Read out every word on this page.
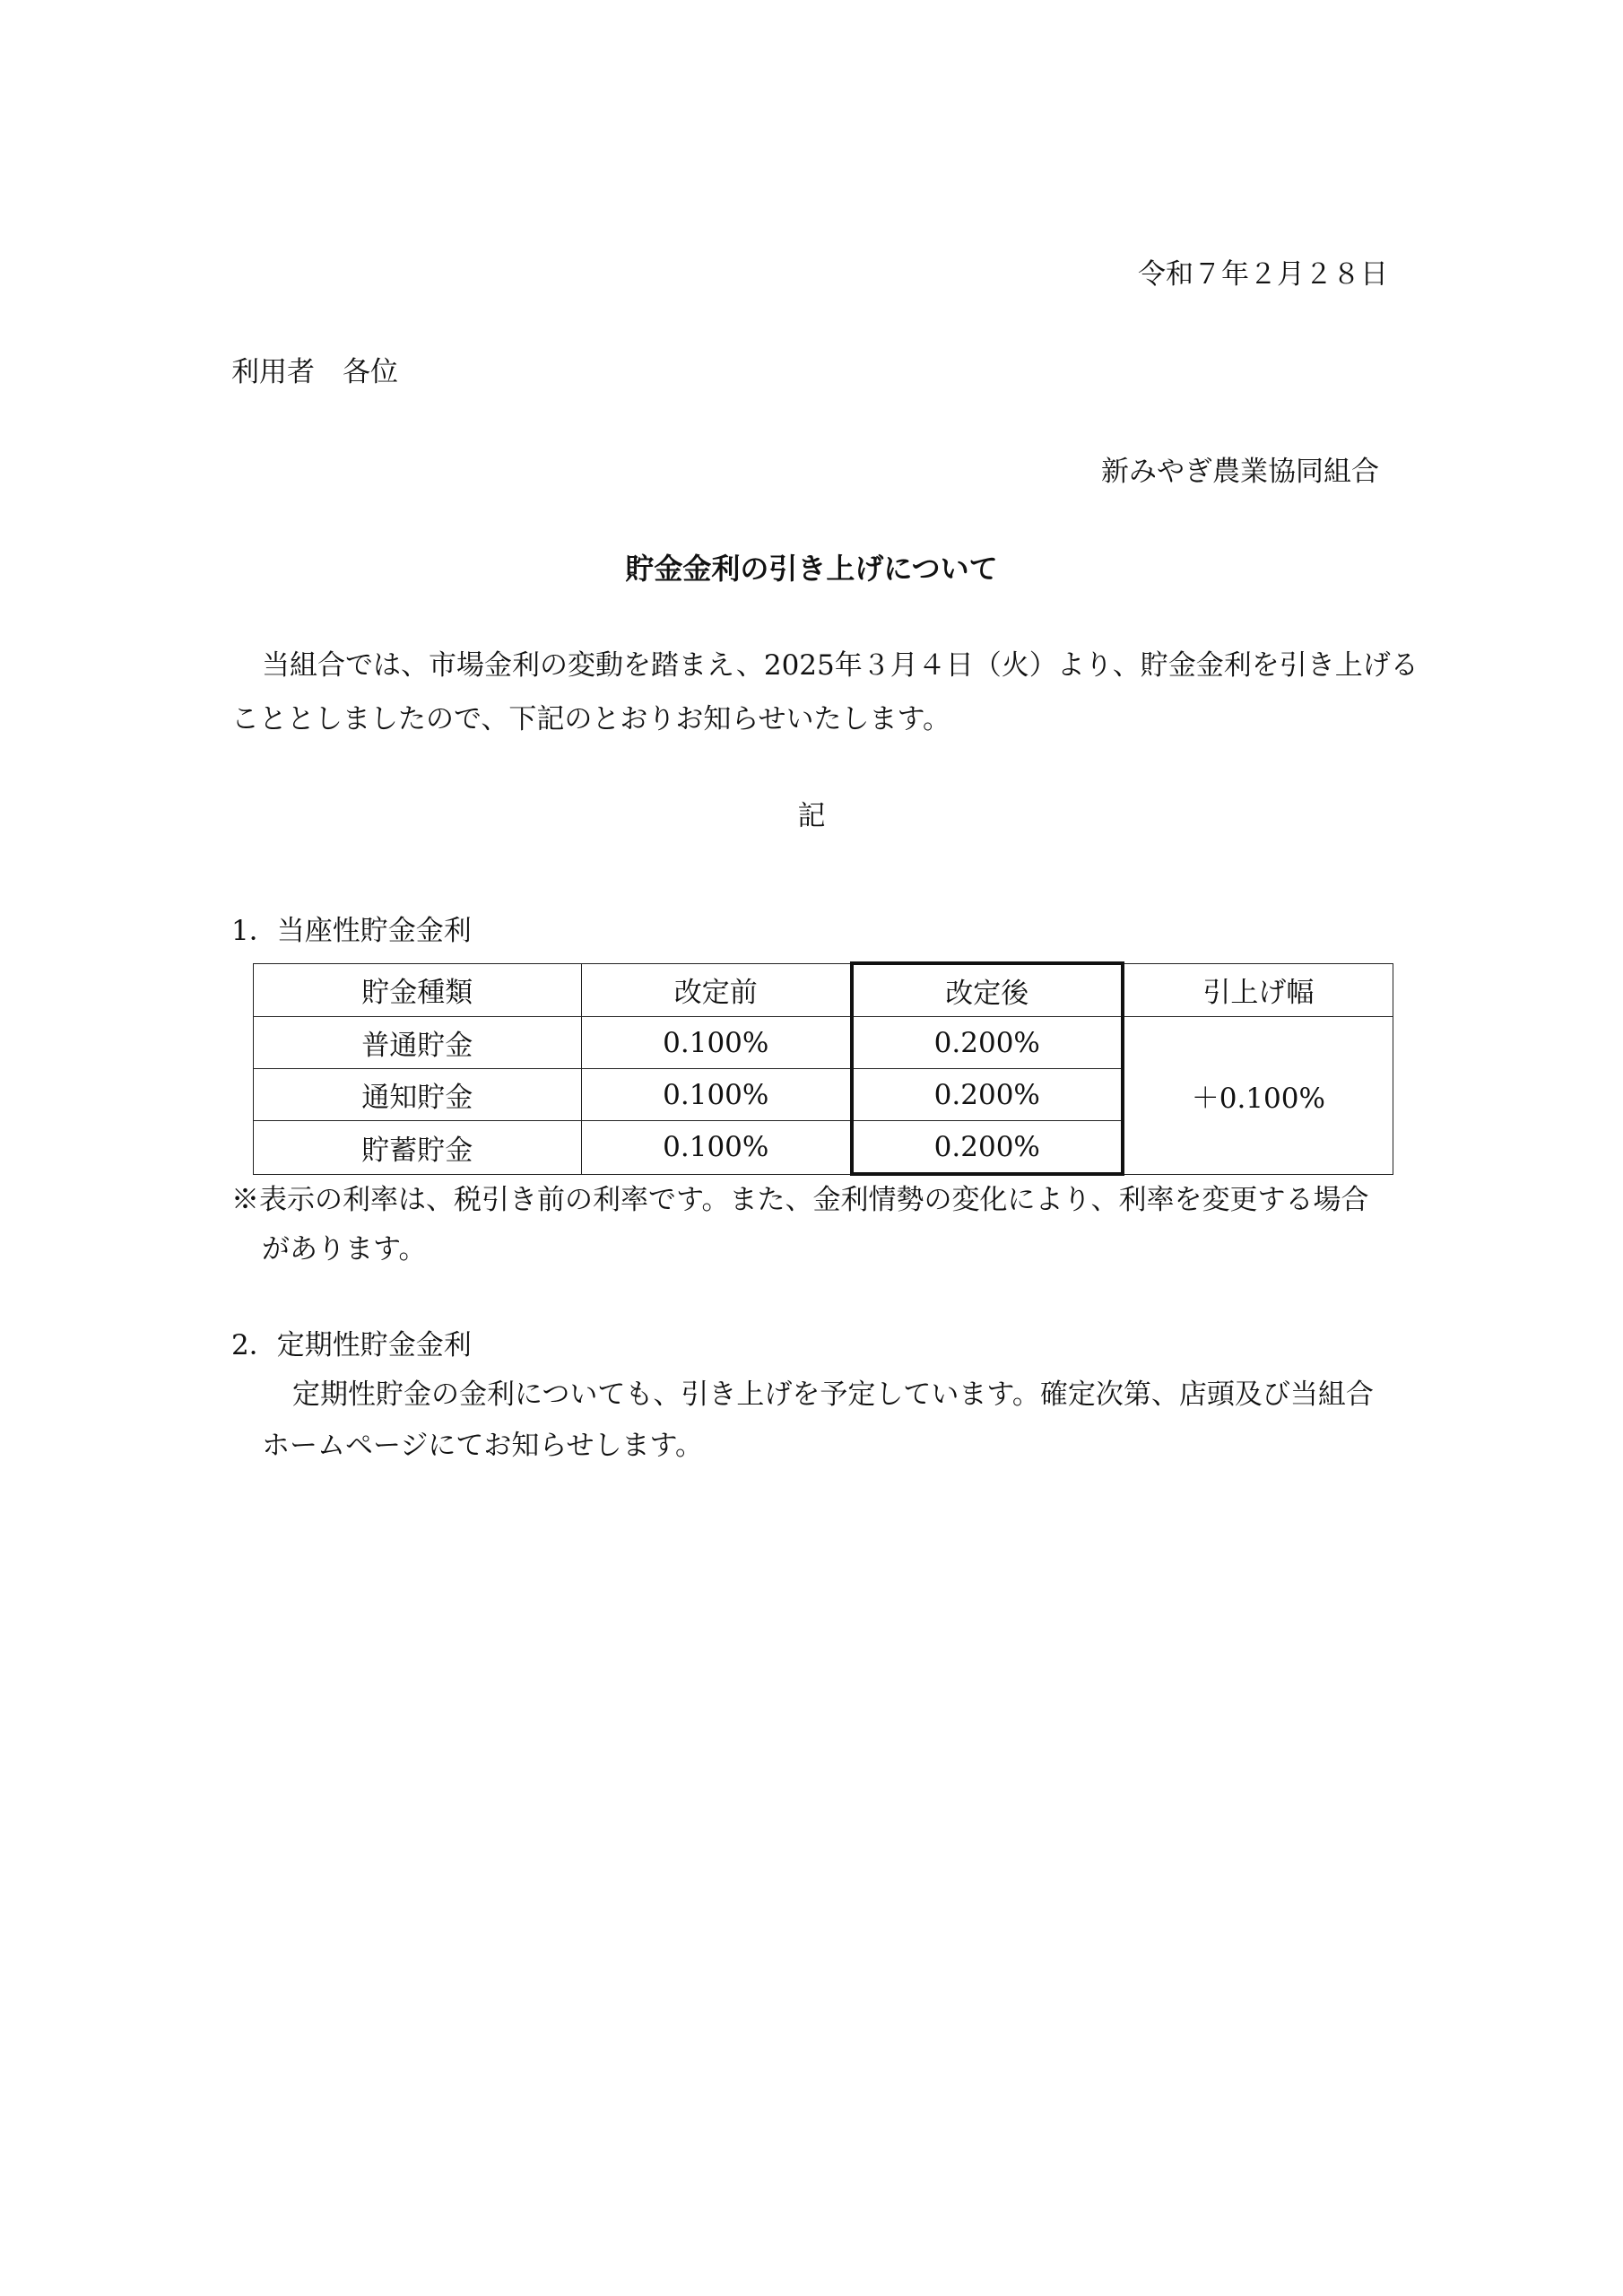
令和７年２月２８日
利用者　各位
新みやぎ農業協同組合
貯金金利の引き上げについて
当組合では、市場金利の変動を踏まえ、2025年３月４日（火）より、貯金金利を引き上げる
こととしましたので、下記のとおりお知らせいたします。
記
1．当座性貯金金利
貯金種類	改定前	改定後	引上げ幅
普通貯金	0.100%	0.200%	＋0.100%
通知貯金	0.100%	0.200%	
貯蓄貯金	0.100%	0.200%	
※表示の利率は、税引き前の利率です。また、金利情勢の変化により、利率を変更する場合
があります。
2．定期性貯金金利
定期性貯金の金利についても、引き上げを予定しています。確定次第、店頭及び当組合
ホームページにてお知らせします。
